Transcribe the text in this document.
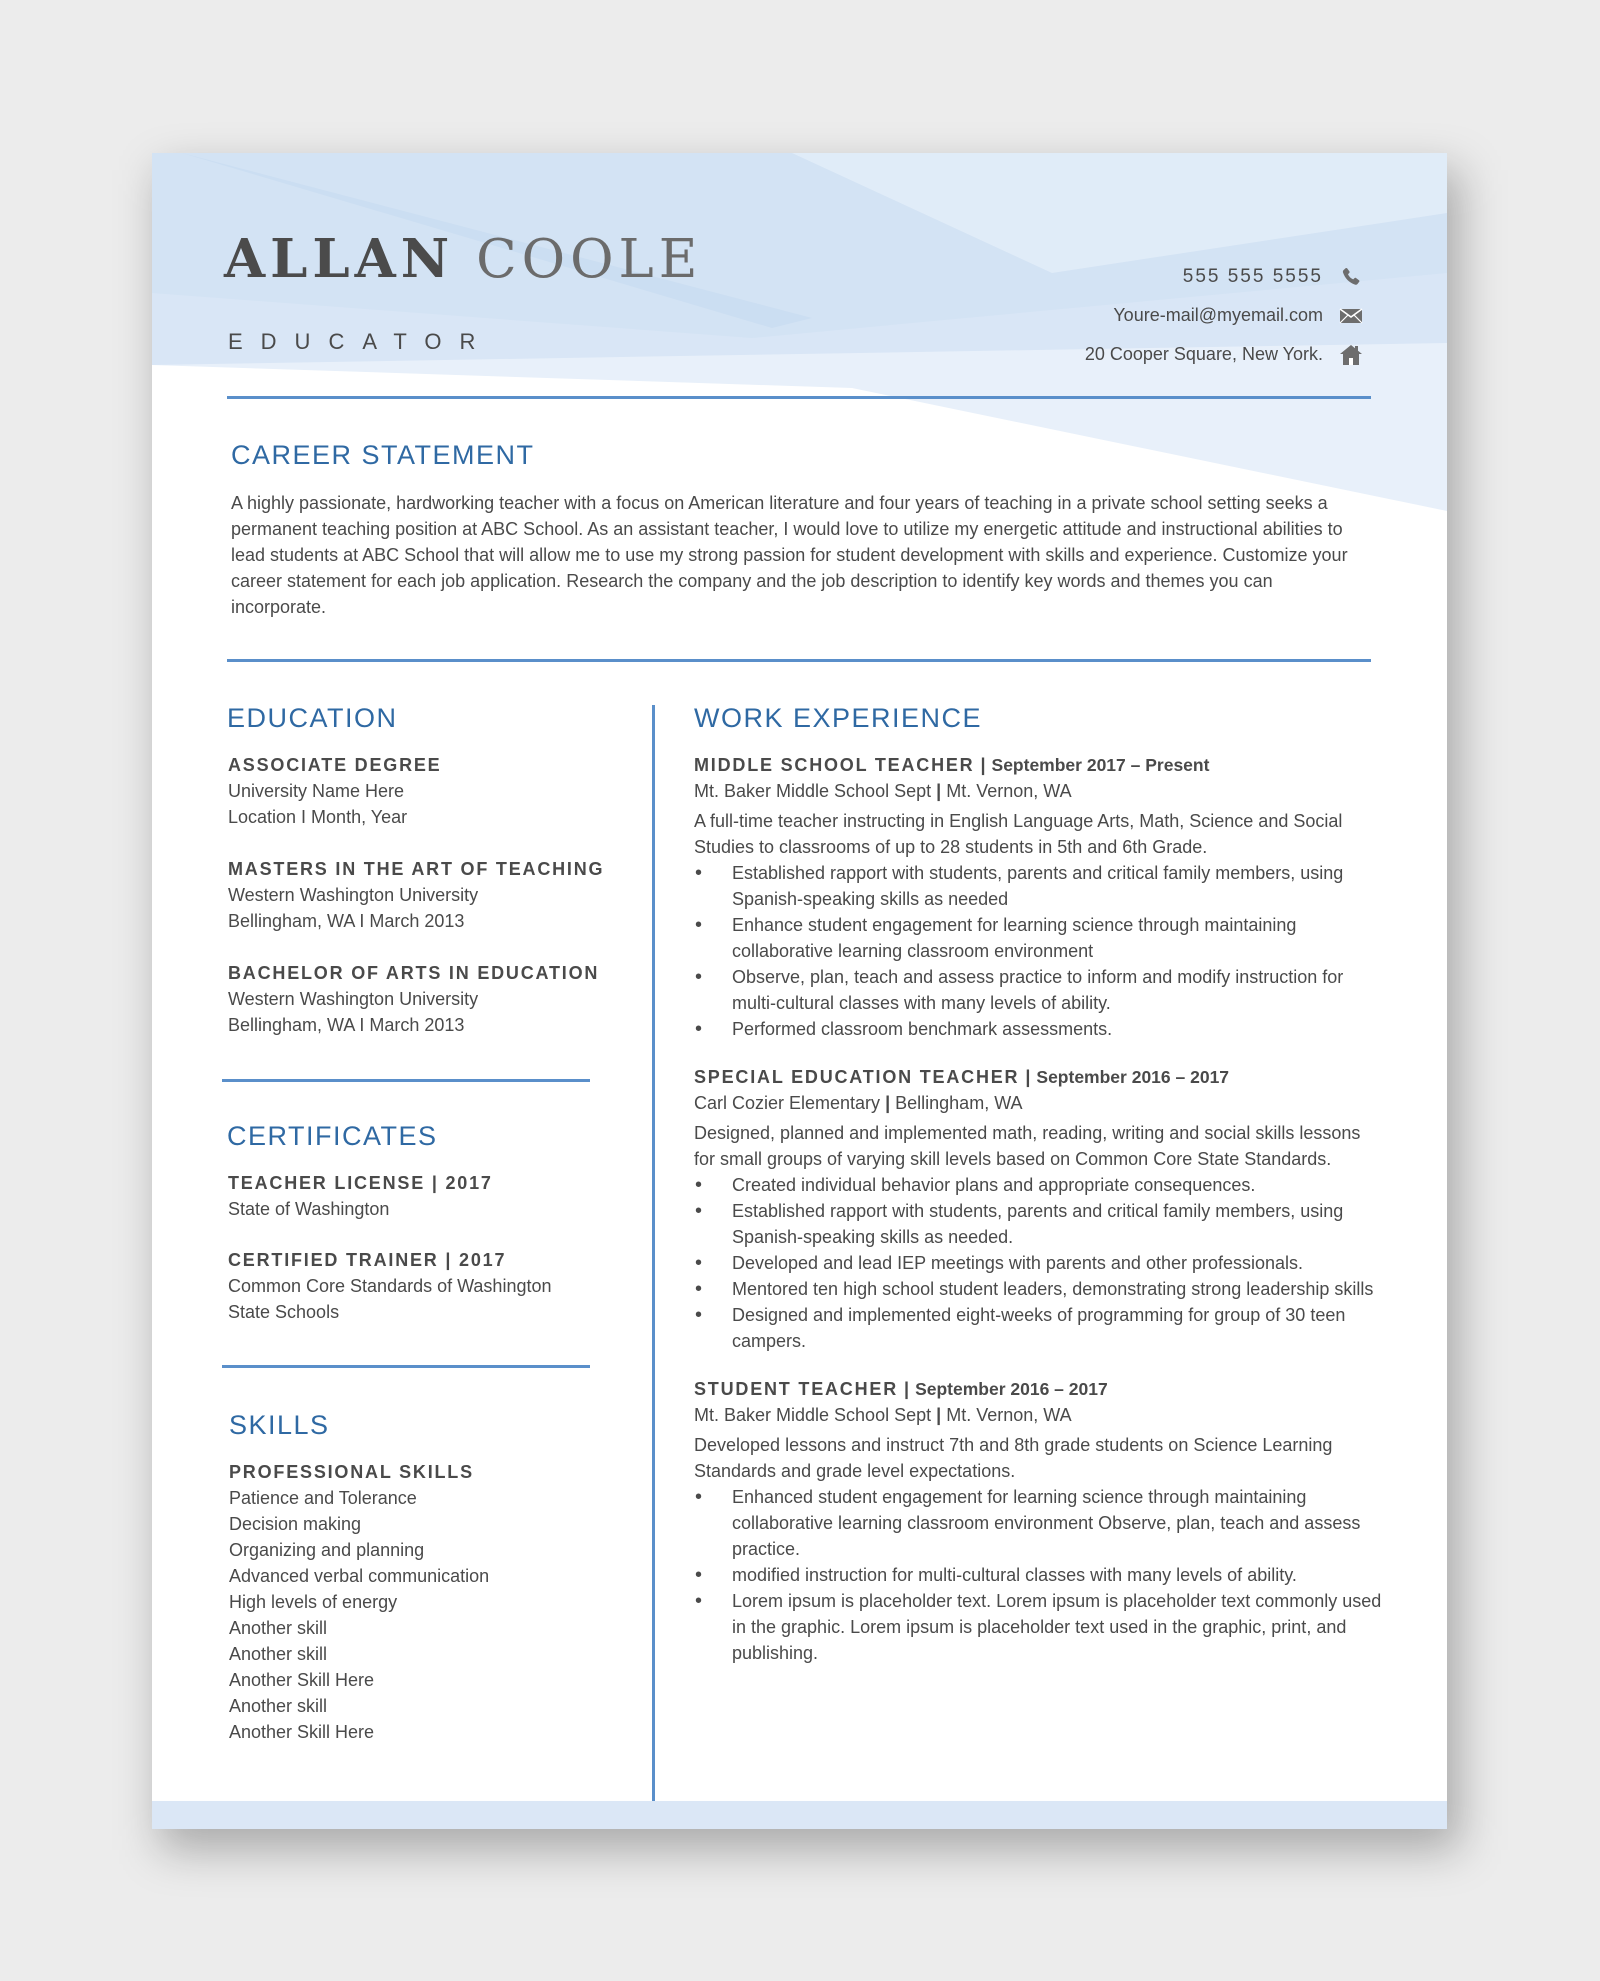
ALLAN COOLE
EDUCATOR
555 555 5555
Youre-mail@myemail.com
20 Cooper Square, New York.
CAREER STATEMENT

A highly passionate, hardworking teacher with a focus on American literature and four years of teaching in a private school setting seeks a permanent teaching position at ABC School. As an assistant teacher, I would love to utilize my energetic attitude and instructional abilities to lead students at ABC School that will allow me to use my strong passion for student development with skills and experience. Customize your career statement for each job application. Research the company and the job description to identify key words and themes you can incorporate.

EDUCATION
ASSOCIATE DEGREE
University Name Here
Location I Month, Year
MASTERS IN THE ART OF TEACHING
Western Washington University
Bellingham, WA I March 2013
BACHELOR OF ARTS IN EDUCATION
Western Washington University
Bellingham, WA I March 2013
CERTIFICATES
TEACHER LICENSE | 2017
State of Washington
CERTIFIED TRAINER | 2017
Common Core Standards of Washington
State Schools
SKILLS
PROFESSIONAL SKILLS
Patience and Tolerance
Decision making
Organizing and planning
Advanced verbal communication
High levels of energy
Another skill
Another skill
Another Skill Here
Another skill
Another Skill Here
WORK EXPERIENCE
MIDDLE SCHOOL TEACHER | September 2017 – Present
Mt. Baker Middle School Sept | Mt. Vernon, WA

A full-time teacher instructing in English Language Arts, Math, Science and Social Studies to classrooms of up to 28 students in 5th and 6th Grade.

• Established rapport with students, parents and critical family members, using Spanish-speaking skills as needed
• Enhance student engagement for learning science through maintaining collaborative learning classroom environment
• Observe, plan, teach and assess practice to inform and modify instruction for multi-cultural classes with many levels of ability.
• Performed classroom benchmark assessments.
SPECIAL EDUCATION TEACHER | September 2016 – 2017
Carl Cozier Elementary | Bellingham, WA

Designed, planned and implemented math, reading, writing and social skills lessons for small groups of varying skill levels based on Common Core State Standards.

• Created individual behavior plans and appropriate consequences.
• Established rapport with students, parents and critical family members, using Spanish-speaking skills as needed.
• Developed and lead IEP meetings with parents and other professionals.
• Mentored ten high school student leaders, demonstrating strong leadership skills
• Designed and implemented eight-weeks of programming for group of 30 teen campers.
STUDENT TEACHER | September 2016 – 2017
Mt. Baker Middle School Sept | Mt. Vernon, WA

Developed lessons and instruct 7th and 8th grade students on Science Learning Standards and grade level expectations.

• Enhanced student engagement for learning science through maintaining collaborative learning classroom environment Observe, plan, teach and assess practice.
• modified instruction for multi-cultural classes with many levels of ability.
• Lorem ipsum is placeholder text. Lorem ipsum is placeholder text commonly used in the graphic. Lorem ipsum is placeholder text used in the graphic, print, and publishing.
